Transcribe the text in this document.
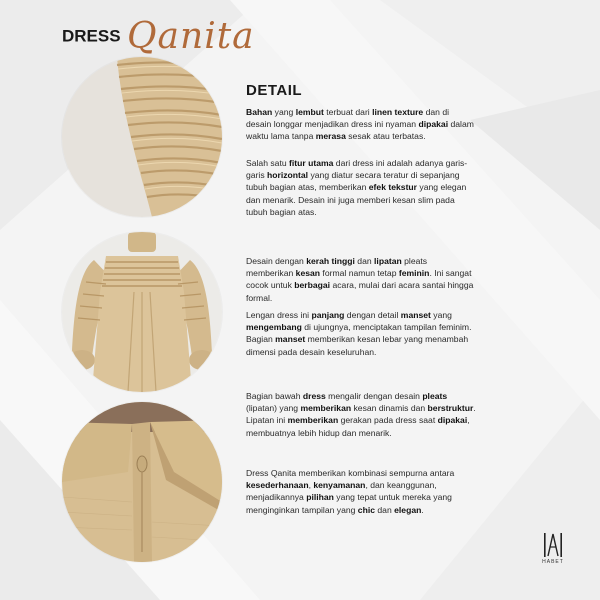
DRESS Qanita
DETAIL
Bahan yang lembut terbuat dari linen texture dan di desain longgar menjadikan dress ini nyaman dipakai dalam waktu lama tanpa merasa sesak atau terbatas.
Salah satu fitur utama dari dress ini adalah adanya garis-garis horizontal yang diatur secara teratur di sepanjang tubuh bagian atas, memberikan efek tekstur yang elegan dan menarik. Desain ini juga memberi kesan slim pada tubuh bagian atas.
Desain dengan kerah tinggi dan lipatan pleats memberikan kesan formal namun tetap feminin. Ini sangat cocok untuk berbagai acara, mulai dari acara santai hingga formal.
Lengan dress ini panjang dengan detail manset yang mengembang di ujungnya, menciptakan tampilan feminim. Bagian manset memberikan kesan lebar yang menambah dimensi pada desain keseluruhan.
Bagian bawah dress mengalir dengan desain pleats (lipatan) yang memberikan kesan dinamis dan berstruktur. Lipatan ini memberikan gerakan pada dress saat dipakai, membuatnya lebih hidup dan menarik.
Dress Qanita memberikan kombinasi sempurna antara kesederhanaan, kenyamanan, dan keanggunan, menjadikannya pilihan yang tepat untuk mereka yang menginginkan tampilan yang chic dan elegan.
HABET
